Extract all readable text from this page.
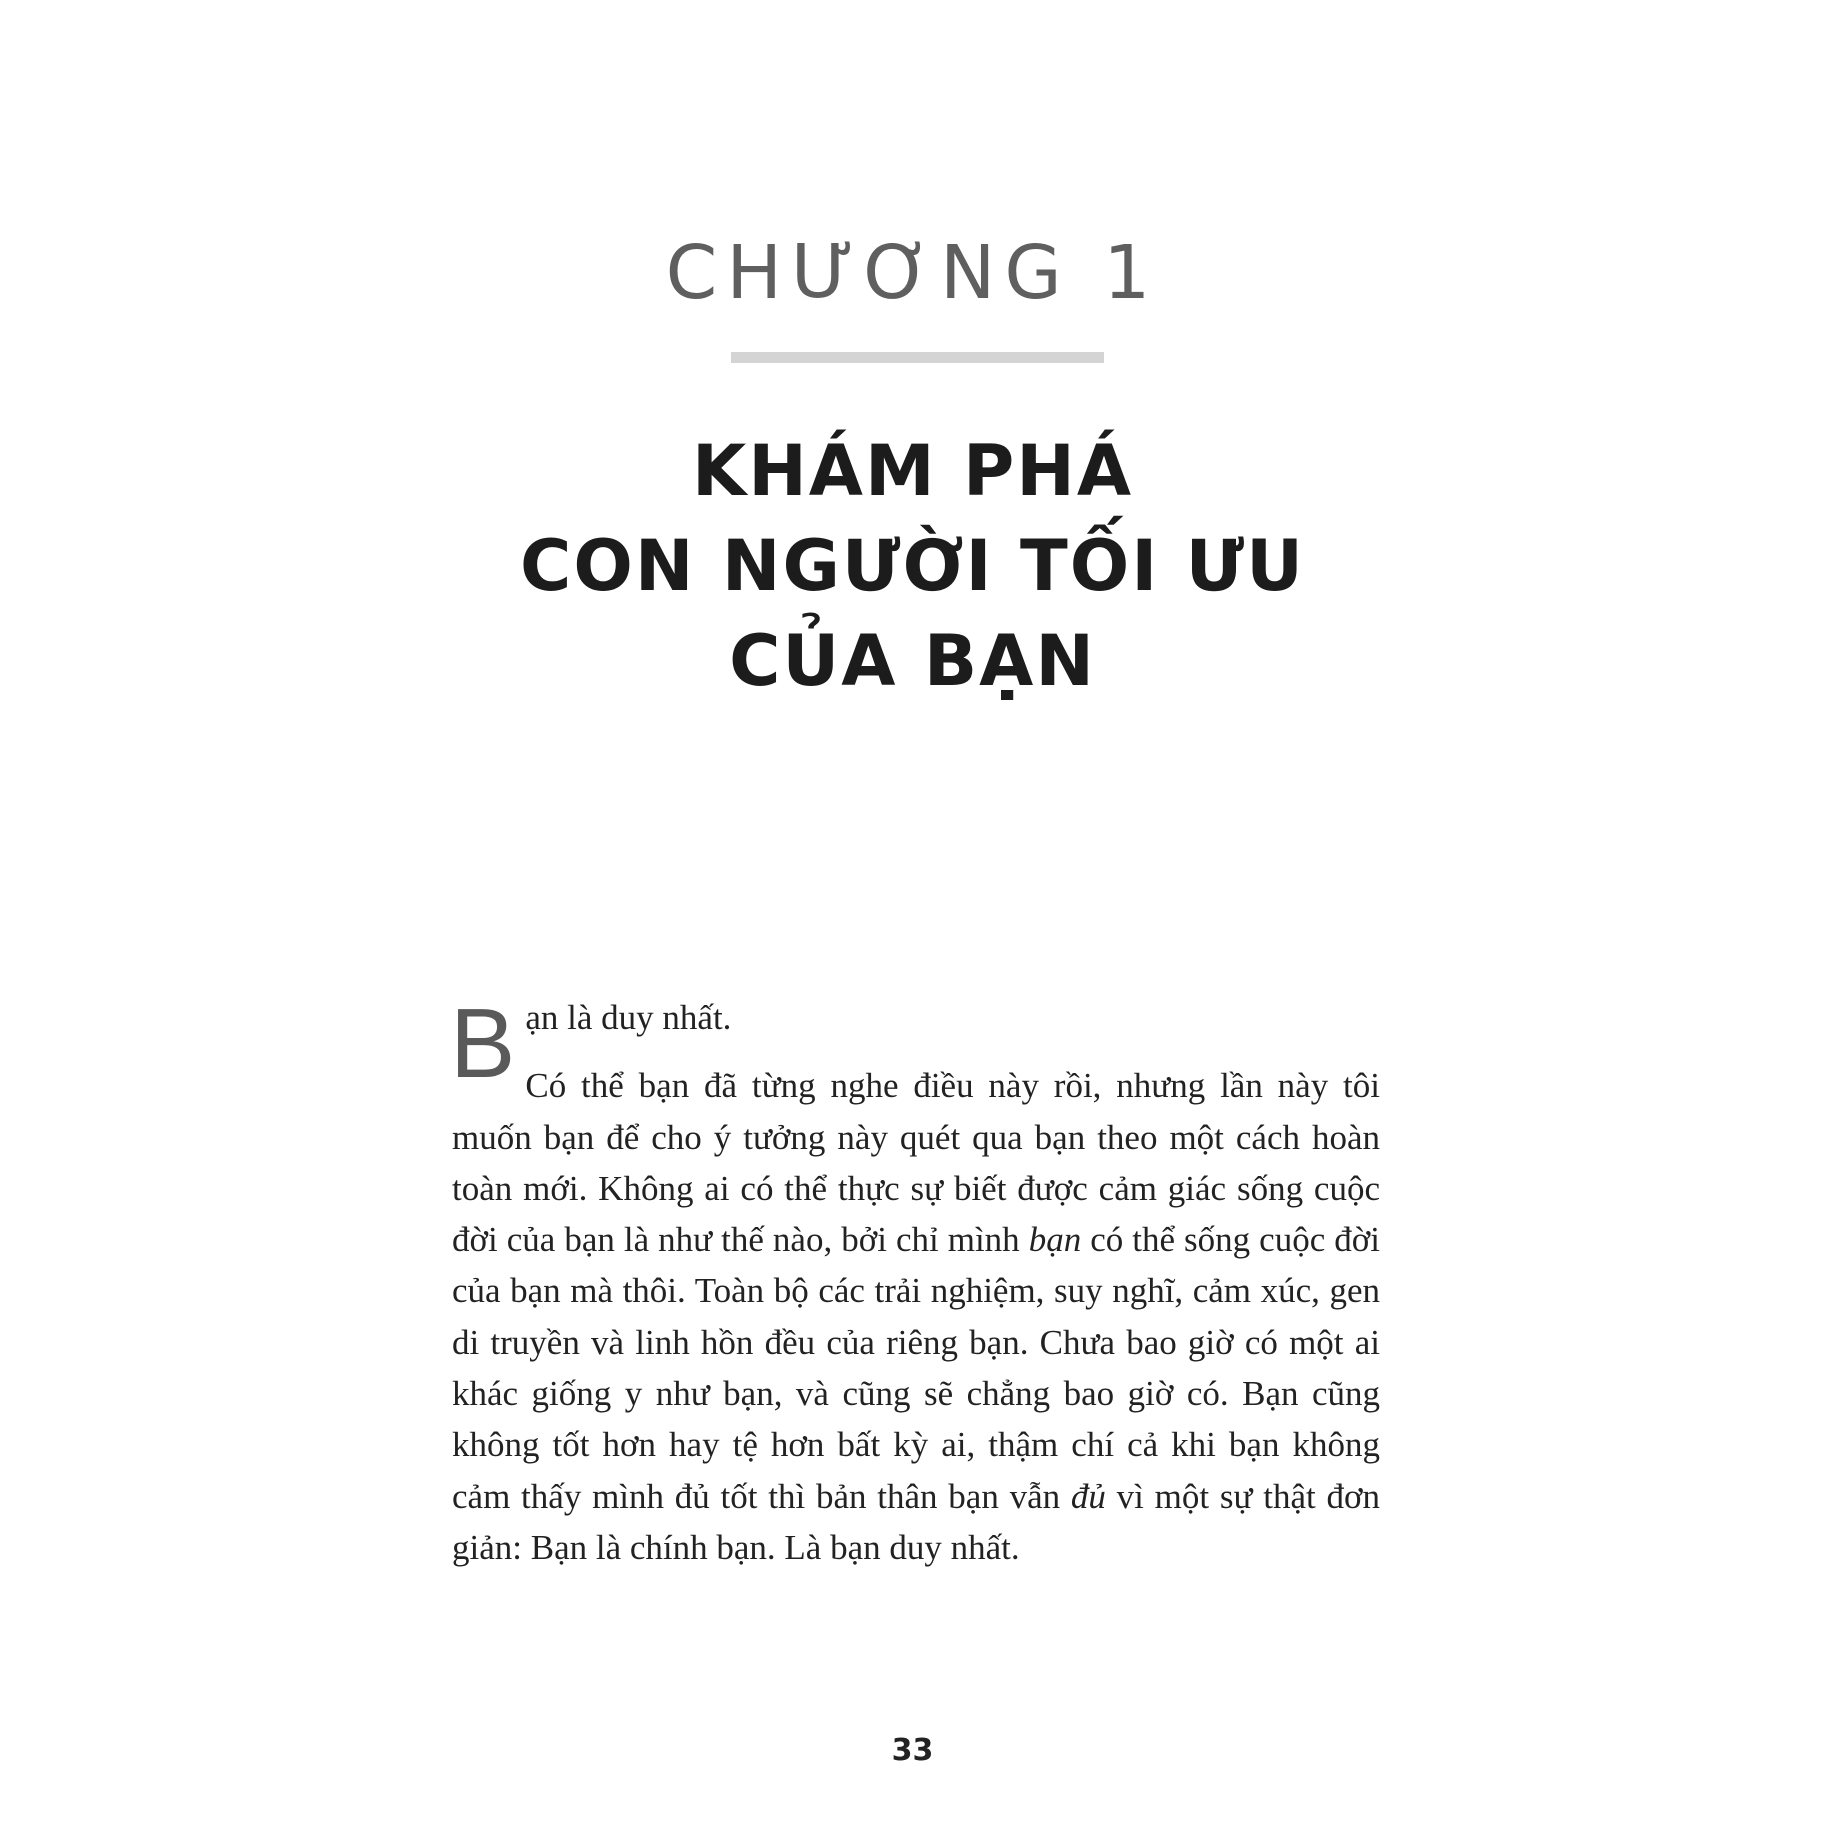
CHƯƠNG 1
KHÁM PHÁ
CON NGƯỜI TỐI ƯU
CỦA BẠN

Bạn là duy nhất.

Có thể bạn đã từng nghe điều này rồi, nhưng lần này tôi muốn bạn để cho ý tưởng này quét qua bạn theo một cách hoàn toàn mới. Không ai có thể thực sự biết được cảm giác sống cuộc đời của bạn là như thế nào, bởi chỉ mình bạn có thể sống cuộc đời của bạn mà thôi. Toàn bộ các trải nghiệm, suy nghĩ, cảm xúc, gen di truyền và linh hồn đều của riêng bạn. Chưa bao giờ có một ai khác giống y như bạn, và cũng sẽ chẳng bao giờ có. Bạn cũng không tốt hơn hay tệ hơn bất kỳ ai, thậm chí cả khi bạn không cảm thấy mình đủ tốt thì bản thân bạn vẫn đủ vì một sự thật đơn giản: Bạn là chính bạn. Là bạn duy nhất.

33
